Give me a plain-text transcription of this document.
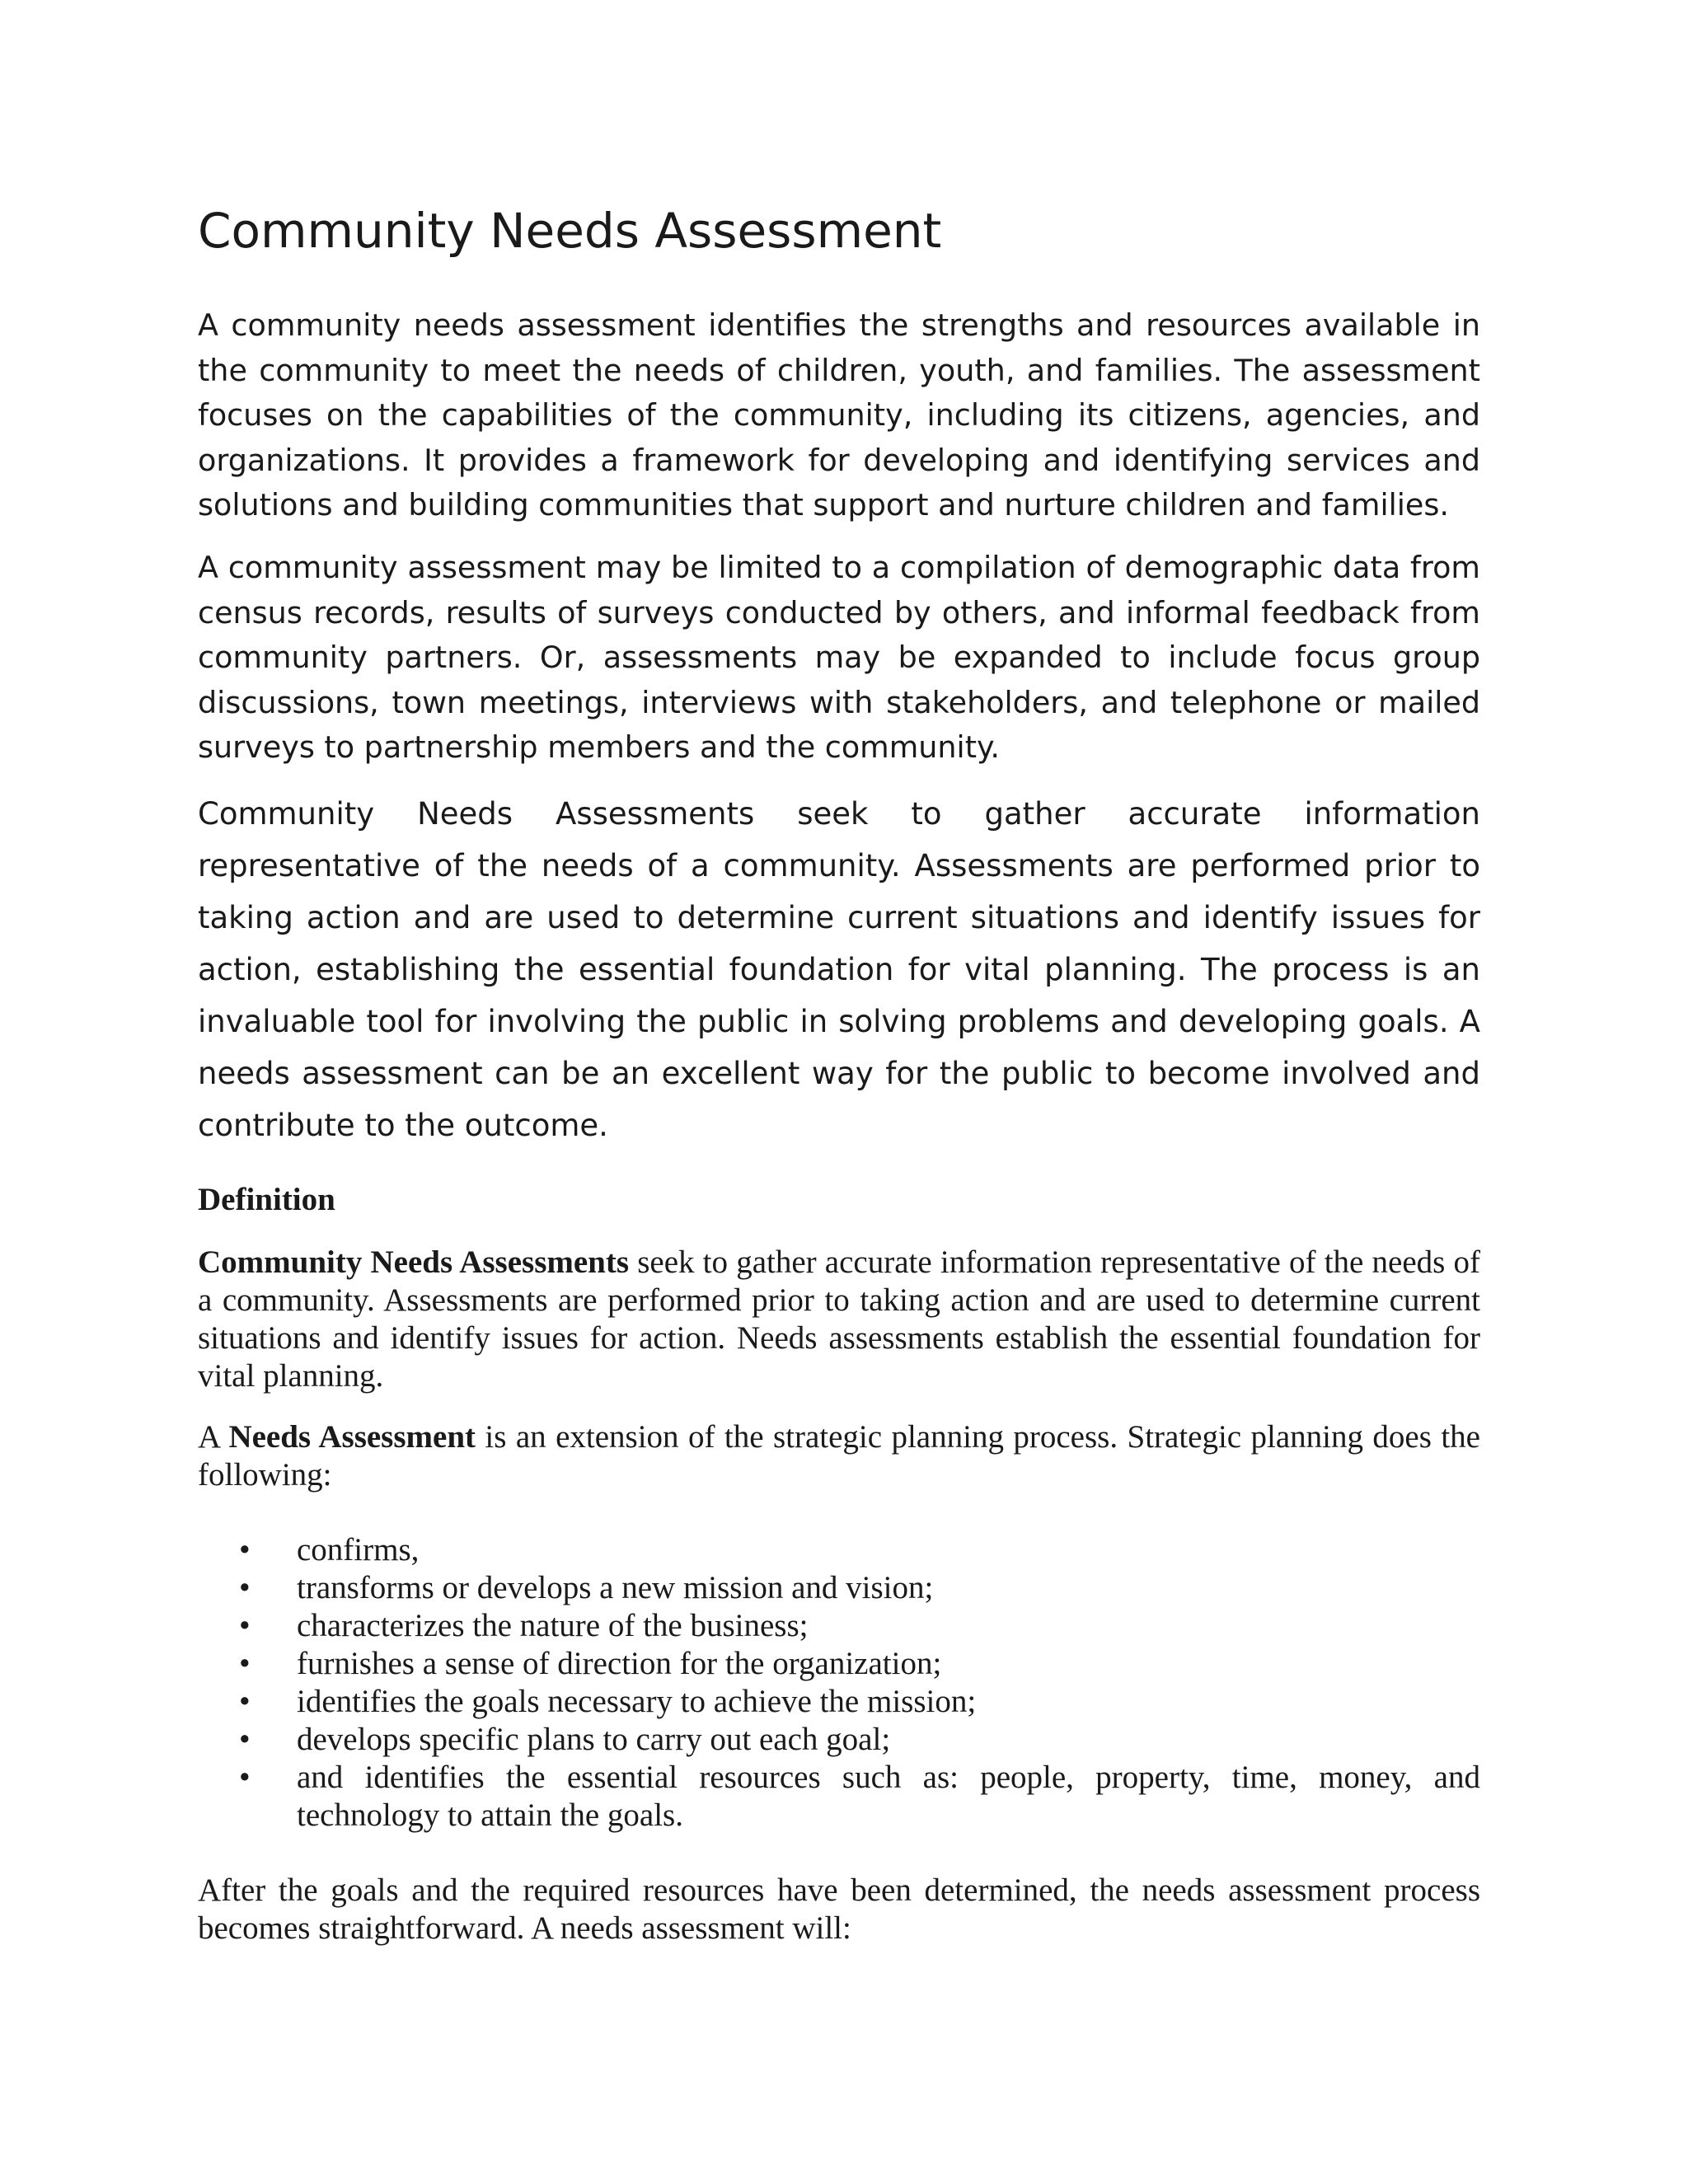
Community Needs Assessment

A community needs assessment identifies the strengths and resources available in the community to meet the needs of children, youth, and families. The assessment focuses on the capabilities of the community, including its citizens, agencies, and organizations. It provides a framework for developing and identifying services and solutions and building communities that support and nurture children and families.

A community assessment may be limited to a compilation of demographic data from census records, results of surveys conducted by others, and informal feedback from community partners. Or, assessments may be expanded to include focus group discussions, town meetings, interviews with stakeholders, and telephone or mailed surveys to partnership members and the community.

Community Needs Assessments seek to gather accurate information representative of the needs of a community. Assessments are performed prior to taking action and are used to determine current situations and identify issues for action, establishing the essential foundation for vital planning. The process is an invaluable tool for involving the public in solving problems and developing goals. A needs assessment can be an excellent way for the public to become involved and contribute to the outcome.

Definition

Community Needs Assessments seek to gather accurate information representative of the needs of a community. Assessments are performed prior to taking action and are used to determine current situations and identify issues for action. Needs assessments establish the essential foundation for vital planning.

A Needs Assessment is an extension of the strategic planning process. Strategic planning does the following:

• confirms,
• transforms or develops a new mission and vision;
• characterizes the nature of the business;
• furnishes a sense of direction for the organization;
• identifies the goals necessary to achieve the mission;
• develops specific plans to carry out each goal;
• and identifies the essential resources such as: people, property, time, money, and technology to attain the goals.

After the goals and the required resources have been determined, the needs assessment process becomes straightforward. A needs assessment will:
